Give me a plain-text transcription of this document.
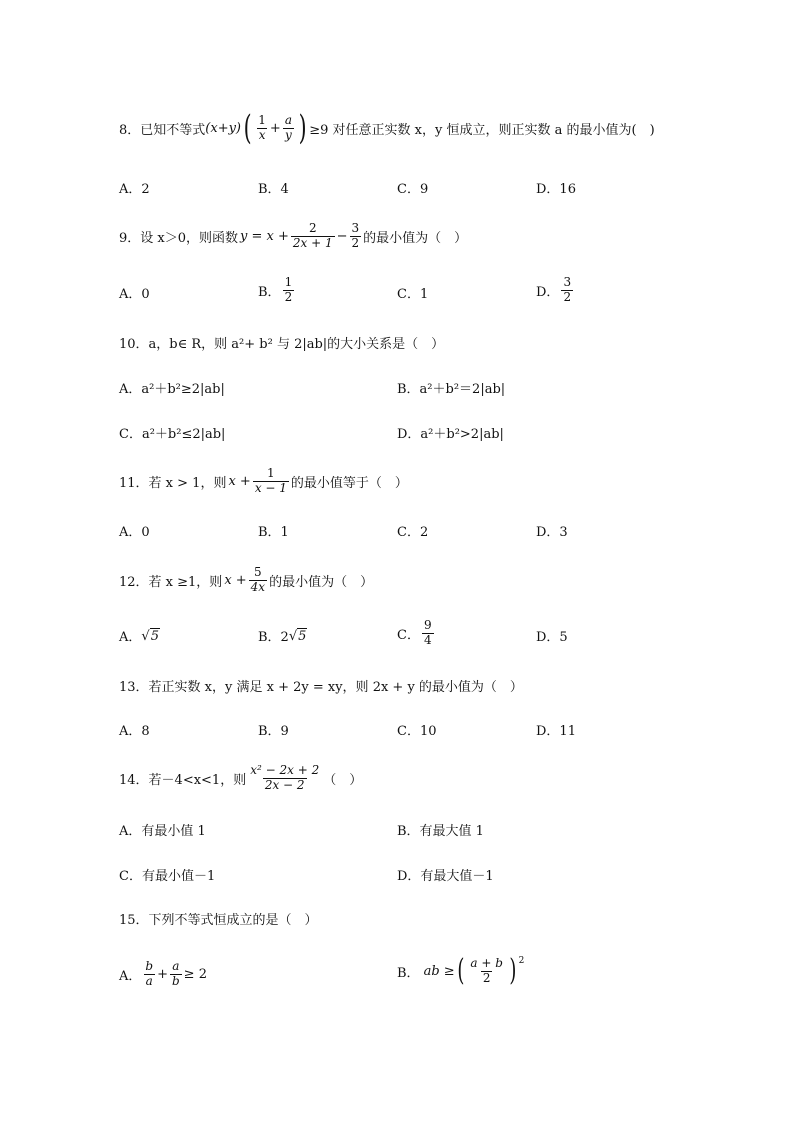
8． 已知不等式 (x+y) ( $\frac{1}{x} + \frac{a}{y}$ ) ≥9 对任意正实数 x，y 恒成立，则正实数 a 的最小值为(　)
A．2	B．4	C．9	D．16
9． 设 x＞0，则函数 $y = x + \frac{2}{2x + 1} - \frac{3}{2}$ 的最小值为（　）
A．0	B． $\frac{1}{2}$	C．1	D． $\frac{3}{2}$
10． a，b∈ R，则 a²+ b² 与 2|ab|的大小关系是（　）
A．a²＋b²≥2|ab|	B．a²＋b²＝2|ab|
C．a²＋b²≤2|ab|	D．a²＋b²>2|ab|
11． 若 x > 1，则 $x + \frac{1}{x - 1}$ 的最小值等于（　）
A．0	B．1	C．2	D．3
12． 若 x ≥1，则 $x + \frac{5}{4x}$ 的最小值为（　）
A． √ 5	B．2 √ 5	C． $\frac{9}{4}$	D．5
13． 若正实数 x，y 满足 x + 2y = xy，则 2x + y 的最小值为（　）
A．8	B．9	C．10	D．11
14． 若－4<x<1，则 $\frac{\text{x² − 2x + 2}}{2x - 2}$ （　）
A．有最小值 1	B．有最大值 1
C．有最小值－1	D．有最大值－1
15． 下列不等式恒成立的是（　）
A． $\frac{b}{a} + \frac{a}{b} \ge 2$	B． ab ≥ ( $\frac{a + b}{2}$ ) $^2$
